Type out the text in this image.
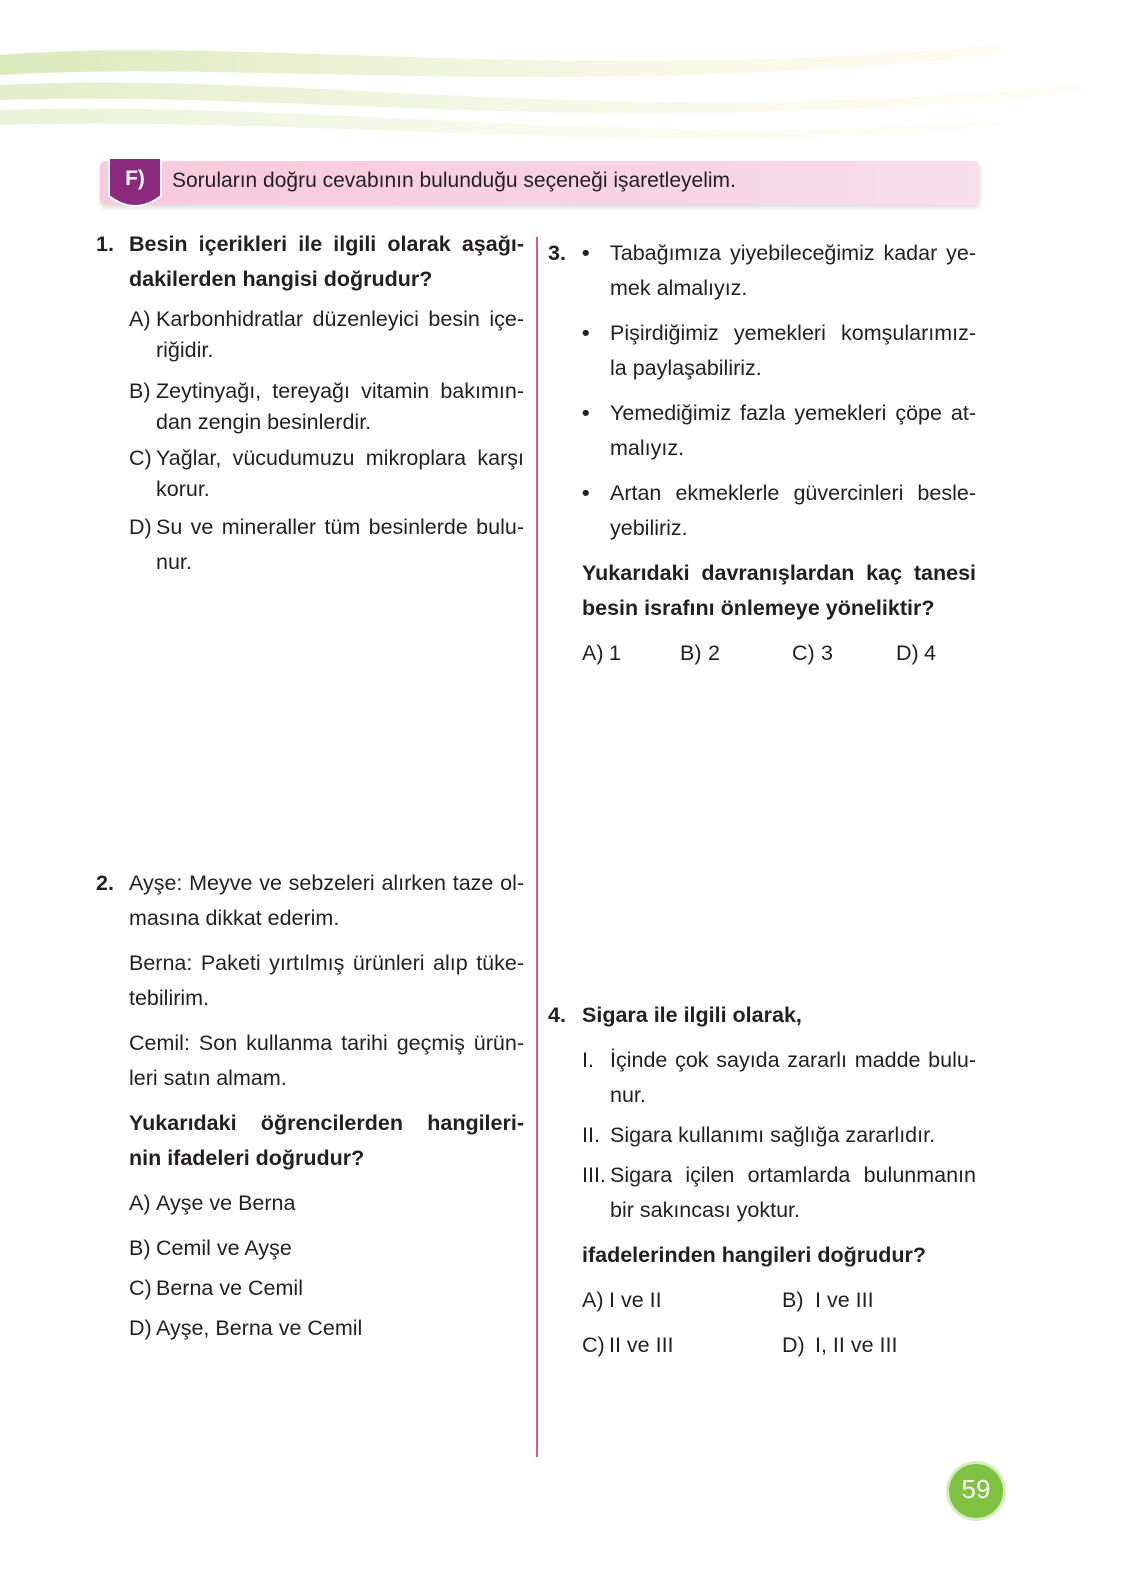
F)	Soruların doğru cevabının bulunduğu seçeneği işaretleyelim.
1. Besin içerikleri ile ilgili olarak aşağı-
dakilerden hangisi doğrudur?
A) Karbonhidratlar düzenleyici besin içe-
riğidir.
B) Zeytinyağı, tereyağı vitamin bakımın-
dan zengin besinlerdir.
C) Yağlar, vücudumuzu mikroplara karşı
korur.
D) Su ve mineraller tüm besinlerde bulu-
nur.
2. Ayşe: Meyve ve sebzeleri alırken taze ol-
masına dikkat ederim.
Berna: Paketi yırtılmış ürünleri alıp tüke-
tebilirim.
Cemil: Son kullanma tarihi geçmiş ürün-
leri satın almam.
Yukarıdaki öğrencilerden hangileri-
nin ifadeleri doğrudur?
A) Ayşe ve Berna
B) Cemil ve Ayşe
C) Berna ve Cemil
D) Ayşe, Berna ve Cemil
3. • Tabağımıza yiyebileceğimiz kadar ye-
mek almalıyız.
• Pişirdiğimiz yemekleri komşularımız-
la paylaşabiliriz.
• Yemediğimiz fazla yemekleri çöpe at-
malıyız.
• Artan ekmeklerle güvercinleri besle-
yebiliriz.
Yukarıdaki davranışlardan kaç tanesi
besin israfını önlemeye yöneliktir?
A) 1	B) 2	C) 3	D) 4
4. Sigara ile ilgili olarak,
I. İçinde çok sayıda zararlı madde bulu-
nur.
II. Sigara kullanımı sağlığa zararlıdır.
III. Sigara içilen ortamlarda bulunmanın
bir sakıncası yoktur.
ifadelerinden hangileri doğrudur?
A) I ve II	B) I ve III
C) II ve III	D) I, II ve III
59
